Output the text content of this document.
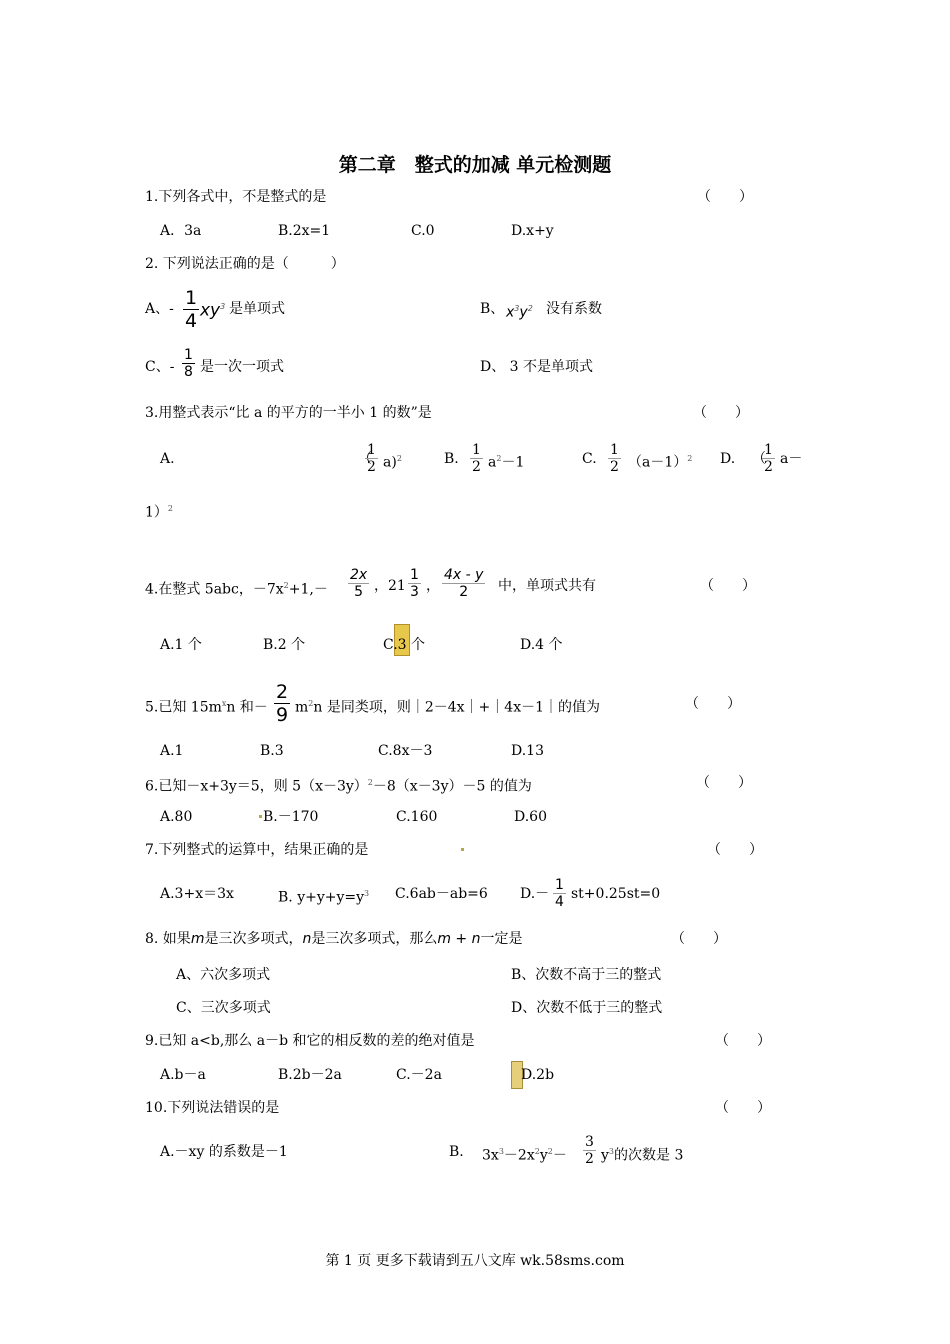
第二章　整式的加减 单元检测题
1.下列各式中，不是整式的是	（　　）
A．3a	B.2x=1	C.0	D.x+y
2. 下列说法正确的是（　　　）
A、- $\frac{1}{4} xy^3$ 是单项式	B、 $x^3y^2$ 没有系数
C、- $\frac{1}{8}$ 是一次一项式	D、 3 不是单项式
3.用整式表示“比 a 的平方的一半小 1 的数”是	（　　）
A.	（
$\frac{1}{2} a)^2$	B. $\frac{1}{2} a^2-1$	C. $\frac{1}{2} (a-1)^2$ D. （
$\frac{1}{2} a-$
1）$^2$
4.在整式 5abc，$-7x^2+1,- \frac{2x}{5}$ ，$21 \frac{1}{3}$ ， $\frac{4x - y}{2}$ 中，单项式共有	（　　）
A.1 个	B.2 个	C.3 个	D.4 个
5.已知 $15m^xn$ 和－ $\frac{2}{9} m^2n$ 是同类项，则｜2－4x｜+｜4x－1｜的值为	（　　）
A.1	B.3	C.8x－3	D.13
6.已知－x+3y＝5，则 $5(x-3y)^2-8(x-3y)-5$ 的值为	（　　）
A.80	B.－170	C.160	D.60
7.下列整式的运算中，结果正确的是	（　　）
A.3+x＝3x	B. $y+y+y=y^3$ C.6ab－ab=6 $D.- \frac{1}{4} st+0.25st=0$
8. 如果m是三次多项式，n是三次多项式，那么m + n一定是	（　　）
A、六次多项式	B、次数不高于三的整式
C、三次多项式	D、次数不低于三的整式
9.已知 a<b,那么 a－b 和它的相反数的差的绝对值是	（　　）
A.b－a	B.2b－2a	C.－2a	D.2b
10.下列说法错误的是	（　　）
A.－xy 的系数是－1	B. $3x^3-2x^2y^2- \frac{3}{2} y^3$的次数是 3
第 1 页 更多下载请到五八文库 wk.58sms.com
